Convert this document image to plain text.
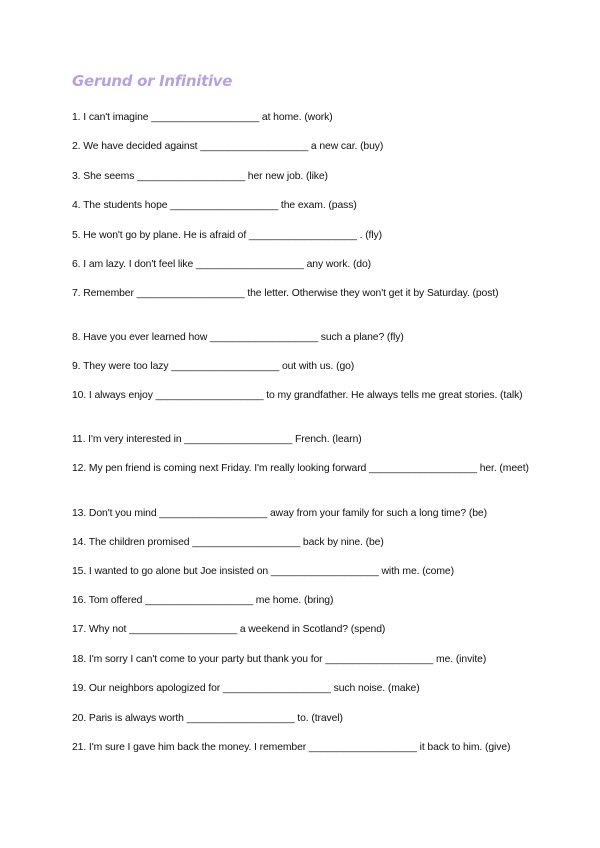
Gerund or Infinitive
1. I can't imagine ___________________ at home. (work)
2. We have decided against ___________________ a new car. (buy)
3. She seems ___________________ her new job. (like)
4. The students hope ___________________ the exam. (pass)
5. He won't go by plane. He is afraid of ___________________ . (fly)
6. I am lazy. I don't feel like ___________________ any work. (do)
7. Remember ___________________ the letter. Otherwise they won't get it by Saturday. (post)
8. Have you ever learned how ___________________ such a plane? (fly)
9. They were too lazy ___________________ out with us. (go)
10. I always enjoy ___________________ to my grandfather. He always tells me great stories. (talk)
11. I'm very interested in ___________________ French. (learn)
12. My pen friend is coming next Friday. I'm really looking forward ___________________ her. (meet)
13. Don't you mind ___________________ away from your family for such a long time? (be)
14. The children promised ___________________ back by nine. (be)
15. I wanted to go alone but Joe insisted on ___________________ with me. (come)
16. Tom offered ___________________ me home. (bring)
17. Why not ___________________ a weekend in Scotland? (spend)
18. I'm sorry I can't come to your party but thank you for ___________________ me. (invite)
19. Our neighbors apologized for ___________________ such noise. (make)
20. Paris is always worth ___________________ to. (travel)
21. I'm sure I gave him back the money. I remember ___________________ it back to him. (give)
